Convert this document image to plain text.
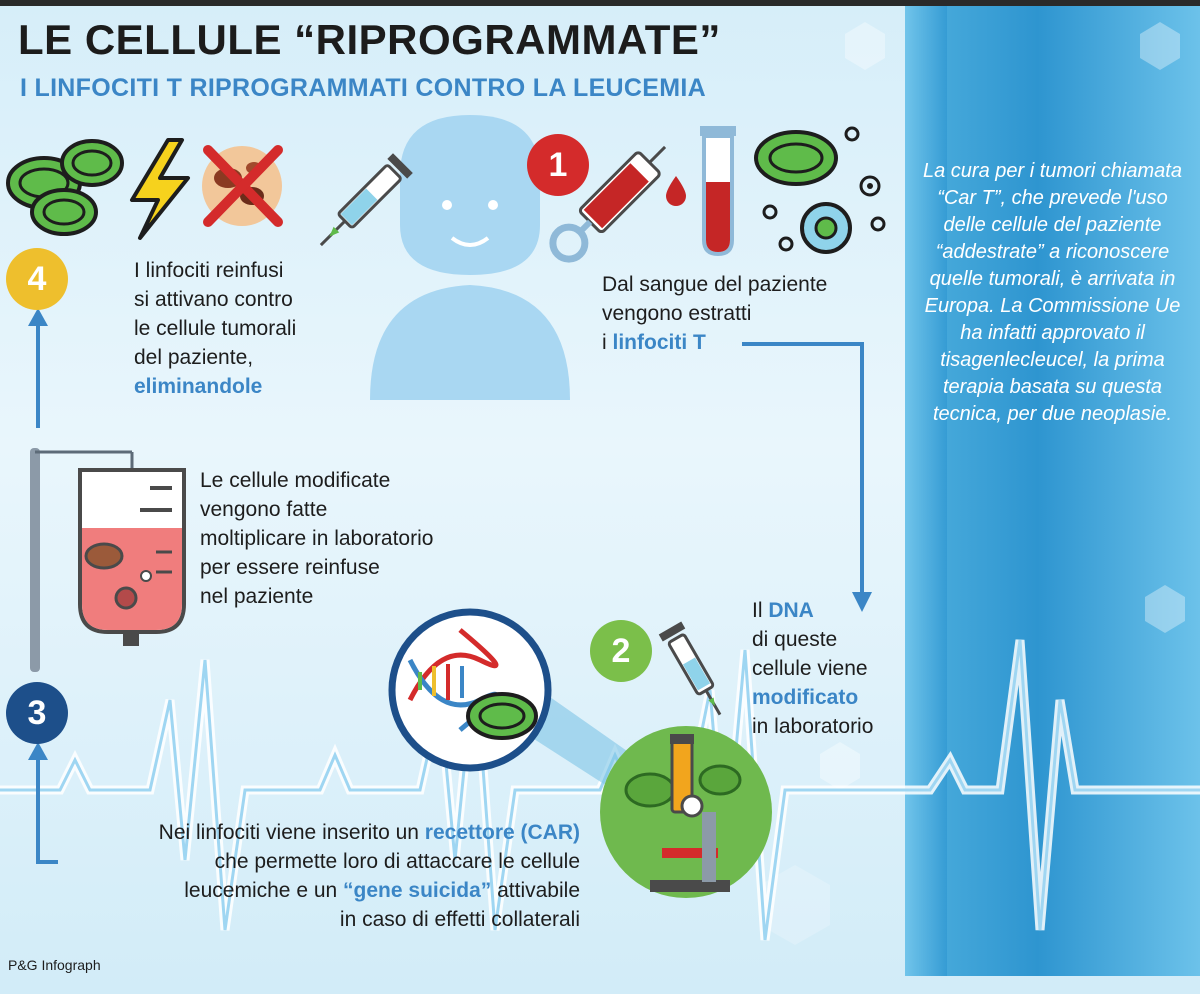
LE CELLULE “RIPROGRAMMATE”
I LINFOCITI T RIPROGRAMMATI CONTRO LA LEUCEMIA
1
2
3
4	Dal sangue del paziente
vengono estratti
i linfociti T
Il DNA
di queste
cellule viene
modificato
in laboratorio
Nei linfociti viene inserito un recettore (CAR)
che permette loro di attaccare le cellule
leucemiche e un “gene suicida” attivabile
in caso di effetti collaterali
Le cellule modificate
vengono fatte
moltiplicare in laboratorio
per essere reinfuse
nel paziente
I linfociti reinfusi
si attivano contro
le cellule tumorali
del paziente,
eliminandole
La cura per i tumori chiamata “Car T”, che prevede l'uso delle cellule del paziente “addestrate” a riconoscere quelle tumorali, è arrivata in Europa. La Commissione Ue ha infatti approvato il tisagenlecleucel, la prima terapia basata su questa tecnica, per due neoplasie.
P&G Infograph
